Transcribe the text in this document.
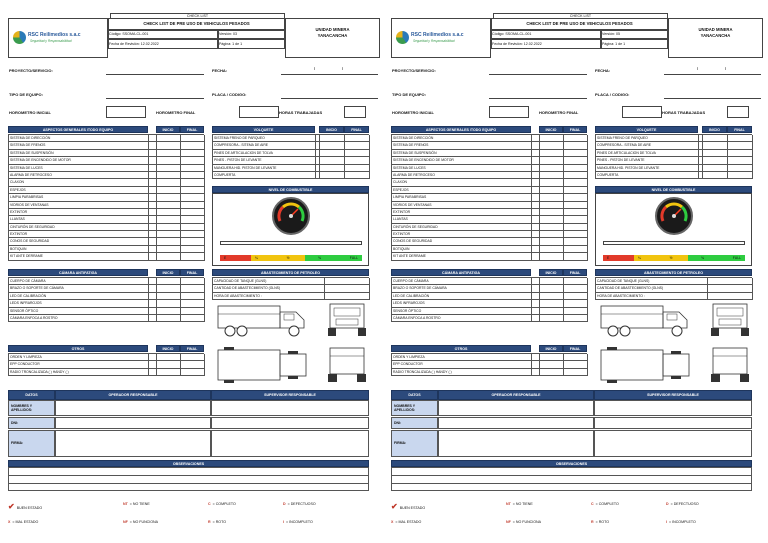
CHECK LIST
RSC Reilimedios s.a.c
Seguridad y Responsabilidad
CHECK LIST DE PRE USO DE VEHICULOS PESADOS
Código: SSOMA-CL-001	Versión: 03
Fecha de Revisión: 12.02.2022	Página: 1 de 1
UNIDAD MINERA YANACANCHA
PROYECTO/SERVICIO:	FECHA:	/	/
TIPO DE EQUIPO:	PLACA / CODIGO:
HOROMETRO INICIAL	HOROMETRO FINAL	HORAS TRABAJADAS
ASPECTOS GENERALES /TODO EQUIPO	INICIO	FINAL
SISTEMA DE DIRECCIÓN
SISTEMA DE FRENOS
SISTEMA DE SUSPENSIÓN
SISTEMA DE ENCENDIDO DE MOTOR
SISTEMA DE LUCES
ALARMA DE RETROCESO
CLAXON
ESPEJOS
LIMPIA PARABRISAS
VIDRIOS DE VENTANAS
EXTINTOR
LLANTAS
CINTURÓN DE SEGURIDAD
EXTINTOR
CONOS DE SEGURIDAD
BOTIQUIN
KIT ANTE DERRAME
VOLQUETE	INICIO	FINAL
SISTEMA FRENO DE PARQUEO
COMPRESORA - SITEMA DE AIRE
PINES DE ARTICULACION DE TOLVA
PINES - PISTON DE LEVANTE
MANGUERA HID. PISTON DE LEVANTE
COMPUERTA
NIVEL DE COMBUSTIBLE
E	¼	½	¾	FULL
CÁMARA ANTIFATIGA	INICIO	FINAL
CUERPO DE CÁMARA
BRAZO O SOPORTE DE CÁMARA
LED DE CALIBRACIÓN
LEDS INFRAROJOS
SENSOR ÓPTICO
CÁMARA ENFOCA A ROSTRO
ABASTECIMIENTO DE PETROLEO
CAPACIDAD DE TANQUE (GLNS)
CANTIDAD DE ABASTECIMIENTO (GLNS)
HORA DE ABASTECIMIENTO :
OTROS	INICIO	FINAL
ORDEN Y LIMPIEZA
EPP CONDUCTOR
RADIO TRONCALIZADA ( ) HANDY ( )
DATOS	OPERADOR RESPONSABLE	SUPERVISOR RESPONSABLE
NOMBRES Y APELLIDOS:
DNI:
FIRMA:
OBSERVACIONES
✔ BUEN ESTADO
NT = NO TIENE	C = COMPLETO	D = DEFECTUOSO
X = MAL ESTADO	NF = NO FUNCIONA	R = ROTO	I = INCOMPLETO
CHECK LIST
RSC Reilimedios s.a.c
Seguridad y Responsabilidad
CHECK LIST DE PRE USO DE VEHICULOS PESADOS
Código: SSOMA-CL-001	Versión: 05
Fecha de Revisión: 12.02.2022	Página: 1 de 1
UNIDAD MINERA YANACANCHA
PROYECTO/SERVICIO:	FECHA:	/	/
TIPO DE EQUIPO:	PLACA / CODIGO:
HOROMETRO INICIAL	HOROMETRO FINAL	HORAS TRABAJADAS
ASPECTOS GENERALES /TODO EQUIPO	INICIO	FINAL
SISTEMA DE DIRECCIÓN
SISTEMA DE FRENOS
SISTEMA DE SUSPENSIÓN
SISTEMA DE ENCENDIDO DE MOTOR
SISTEMA DE LUCES
ALARMA DE RETROCESO
CLAXON
ESPEJOS
LIMPIA PARABRISAS
VIDRIOS DE VENTANAS
EXTINTOR
LLANTAS
CINTURÓN DE SEGURIDAD
EXTINTOR
CONOS DE SEGURIDAD
BOTIQUIN
KIT ANTE DERRAME
VOLQUETE	INICIO	FINAL
SISTEMA FRENO DE PARQUEO
COMPRESORA - SITEMA DE AIRE
PINES DE ARTICULACION DE TOLVA
PINES - PISTON DE LEVANTE
MANGUERA HID. PISTON DE LEVANTE
COMPUERTA
NIVEL DE COMBUSTIBLE
E	¼	½	¾	FULL
CÁMARA ANTIFATIGA	INICIO	FINAL
CUERPO DE CÁMARA
BRAZO O SOPORTE DE CÁMARA
LED DE CALIBRACIÓN
LEDS INFRAROJOS
SENSOR ÓPTICO
CÁMARA ENFOCA A ROSTRO
ABASTECIMIENTO DE PETROLEO
CAPACIDAD DE TANQUE (GLNS)
CANTIDAD DE ABASTECIMIENTO (GLNS)
HORA DE ABASTECIMIENTO :
OTROS	INICIO	FINAL
ORDEN Y LIMPIEZA
EPP CONDUCTOR
RADIO TRONCALIZADA ( ) HANDY ( )
DATOS	OPERADOR RESPONSABLE	SUPERVISOR RESPONSABLE
NOMBRES Y APELLIDOS:
DNI:
FIRMA:
OBSERVACIONES
✔ BUEN ESTADO
NT = NO TIENE	C = COMPLETO	D = DEFECTUOSO
X = MAL ESTADO	NF = NO FUNCIONA	R = ROTO	I = INCOMPLETO
